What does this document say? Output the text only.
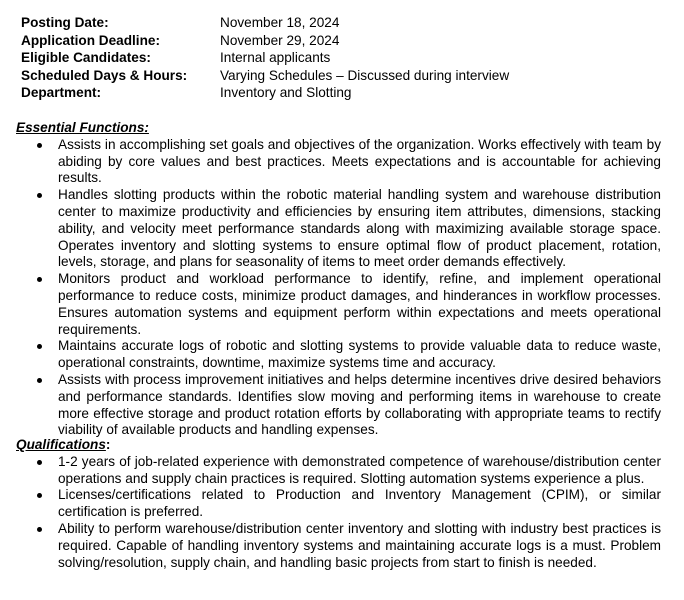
Posting Date:	November 18, 2024
Application Deadline:	November 29, 2024
Eligible Candidates:	Internal applicants
Scheduled Days & Hours:	Varying Schedules – Discussed during interview
Department:	Inventory and Slotting
Essential Functions:
Assists in accomplishing set goals and objectives of the organization. Works effectively with team by abiding by core values and best practices. Meets expectations and is accountable for achieving results.
Handles slotting products within the robotic material handling system and warehouse distribution center to maximize productivity and efficiencies by ensuring item attributes, dimensions, stacking ability, and velocity meet performance standards along with maximizing available storage space. Operates inventory and slotting systems to ensure optimal flow of product placement, rotation, levels, storage, and plans for seasonality of items to meet order demands effectively.
Monitors product and workload performance to identify, refine, and implement operational performance to reduce costs, minimize product damages, and hinderances in workflow processes. Ensures automation systems and equipment perform within expectations and meets operational requirements.
Maintains accurate logs of robotic and slotting systems to provide valuable data to reduce waste, operational constraints, downtime, maximize systems time and accuracy.
Assists with process improvement initiatives and helps determine incentives drive desired behaviors and performance standards. Identifies slow moving and performing items in warehouse to create more effective storage and product rotation efforts by collaborating with appropriate teams to rectify viability of available products and handling expenses.
Qualifications:
1-2 years of job-related experience with demonstrated competence of warehouse/distribution center operations and supply chain practices is required. Slotting automation systems experience a plus.
Licenses/certifications related to Production and Inventory Management (CPIM), or similar certification is preferred.
Ability to perform warehouse/distribution center inventory and slotting with industry best practices is required. Capable of handling inventory systems and maintaining accurate logs is a must. Problem solving/resolution, supply chain, and handling basic projects from start to finish is needed.
